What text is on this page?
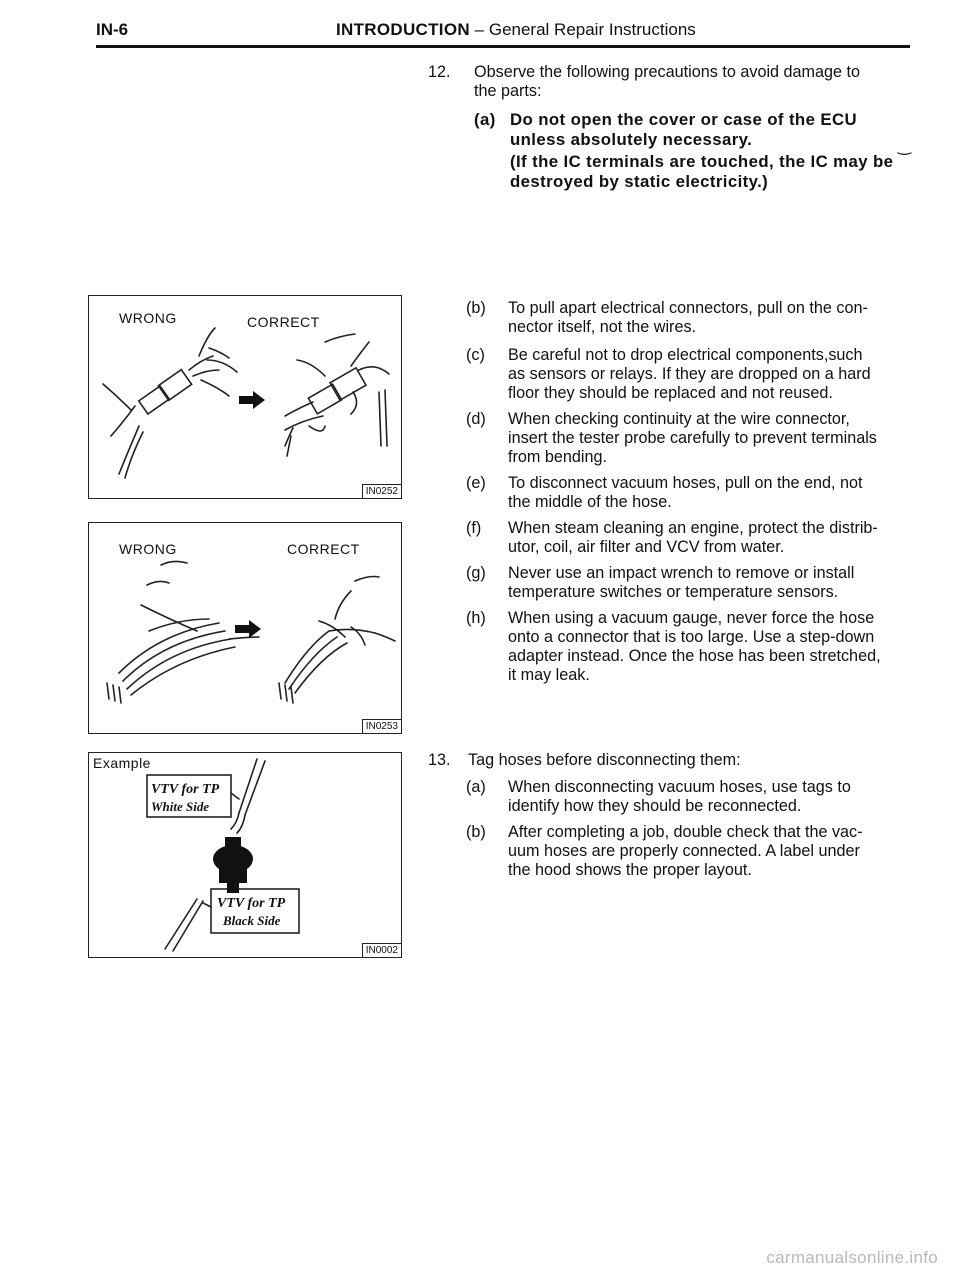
IN-6	INTRODUCTION – General Repair Instructions
12. Observe the following precautions to avoid damage to
the parts:
(a) Do not open the cover or case of the ECU
unless absolutely necessary.
(If the IC terminals are touched, the IC may be
destroyed by static electricity.)
‿
(b) To pull apart electrical connectors, pull on the con-
nector itself, not the wires.
(c) Be careful not to drop electrical components,such
as sensors or relays. If they are dropped on a hard
floor they should be replaced and not reused.
(d) When checking continuity at the wire connector,
insert the tester probe carefully to prevent terminals
from bending.
(e) To disconnect vacuum hoses, pull on the end, not
the middle of the hose.
(f) When steam cleaning an engine, protect the distrib-
utor, coil, air filter and VCV from water.
(g) Never use an impact wrench to remove or install
temperature switches or temperature sensors.
(h) When using a vacuum gauge, never force the hose
onto a connector that is too large. Use a step-down
adapter instead. Once the hose has been stretched,
it may leak.
13. Tag hoses before disconnecting them:
(a) When disconnecting vacuum hoses, use tags to
identify how they should be reconnected.
(b) After completing a job, double check that the vac-
uum hoses are properly connected. A label under
the hood shows the proper layout.
WRONG	CORRECT
IN0252
WRONG	CORRECT
IN0253
VTV for TP
White Side
VTV for TP
Black Side
Example
IN0002
carmanualsonline.info
